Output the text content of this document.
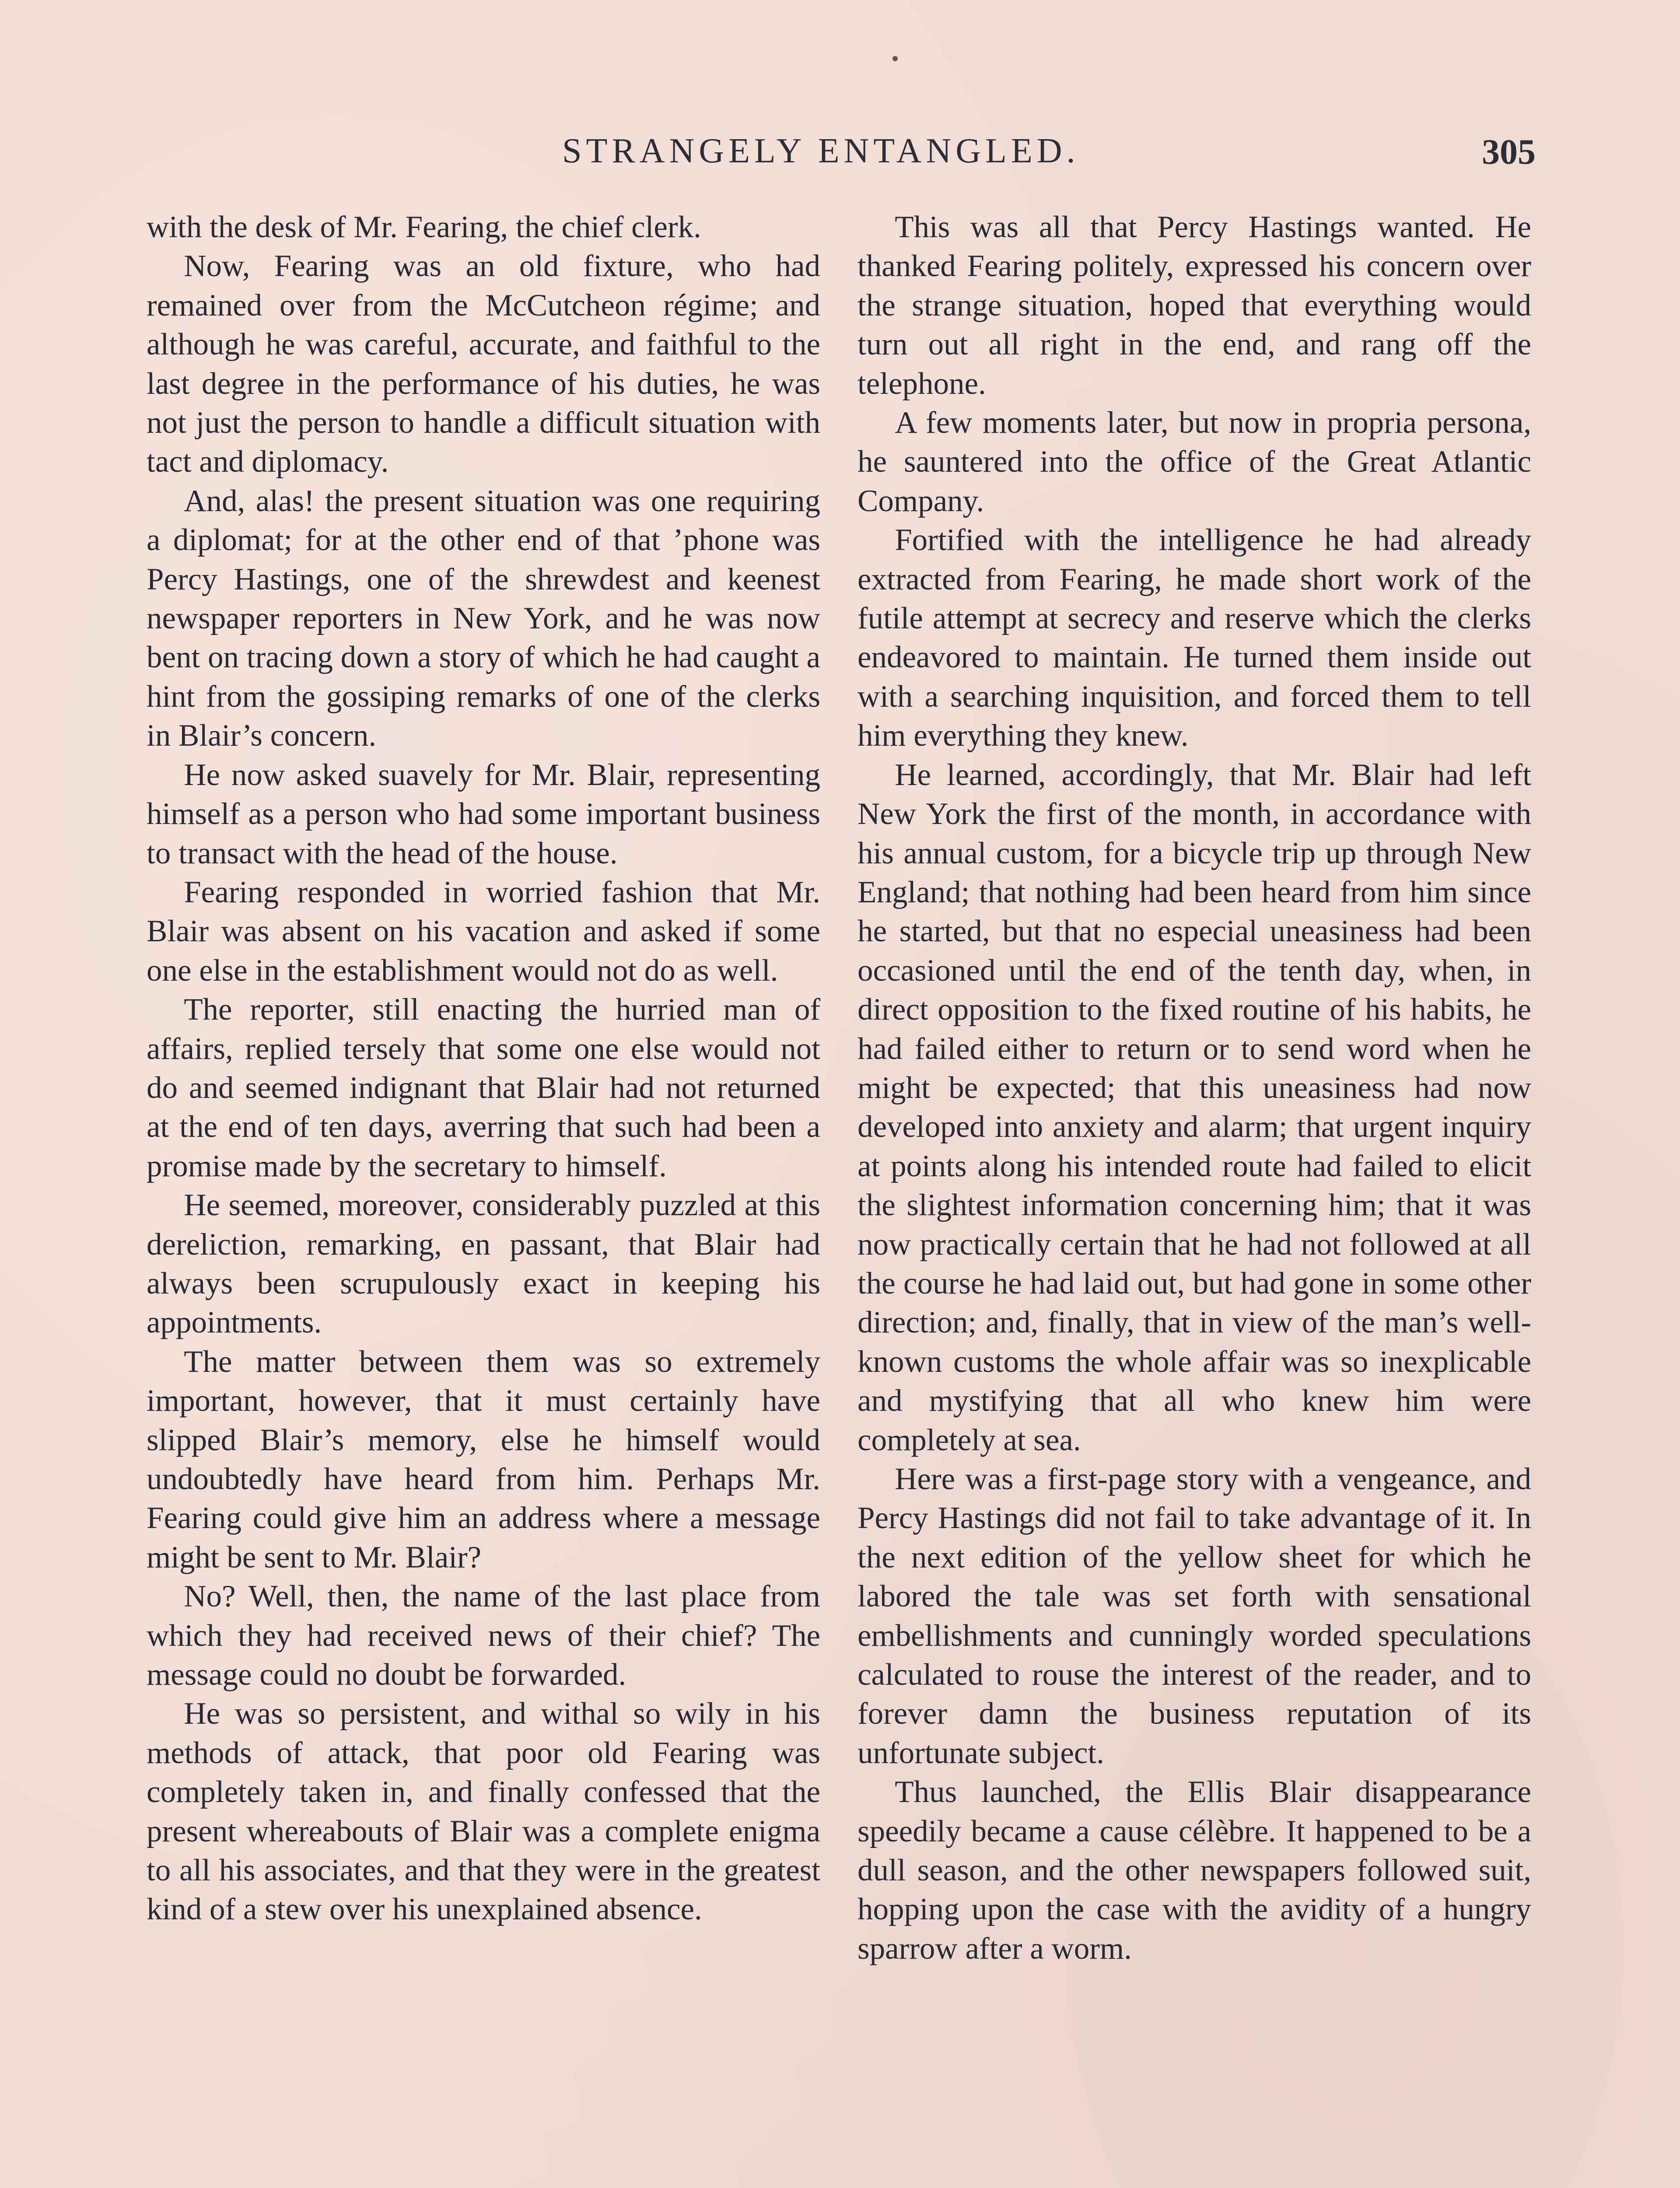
STRANGELY ENTANGLED.	305

with the desk of Mr. Fearing, the chief clerk.

Now, Fearing was an old fixture, who had remained over from the McCutcheon régime; and although he was careful, accurate, and faithful to the last degree in the performance of his duties, he was not just the person to handle a difficult situation with tact and diplomacy.

And, alas! the present situation was one requiring a diplomat; for at the other end of that ’phone was Percy Hastings, one of the shrewdest and keenest newspaper reporters in New York, and he was now bent on tracing down a story of which he had caught a hint from the gossiping remarks of one of the clerks in Blair’s concern.

He now asked suavely for Mr. Blair, representing himself as a person who had some important business to transact with the head of the house.

Fearing responded in worried fashion that Mr. Blair was absent on his vacation and asked if some one else in the establishment would not do as well.

The reporter, still enacting the hurried man of affairs, replied tersely that some one else would not do and seemed indignant that Blair had not returned at the end of ten days, averring that such had been a promise made by the secretary to himself.

He seemed, moreover, considerably puzzled at this dereliction, remarking, en passant, that Blair had always been scrupulously exact in keeping his appointments.

The matter between them was so extremely important, however, that it must certainly have slipped Blair’s memory, else he himself would undoubtedly have heard from him. Perhaps Mr. Fearing could give him an address where a message might be sent to Mr. Blair?

No? Well, then, the name of the last place from which they had received news of their chief? The message could no doubt be forwarded.

He was so persistent, and withal so wily in his methods of attack, that poor old Fearing was completely taken in, and finally confessed that the present whereabouts of Blair was a complete enigma to all his associates, and that they were in the greatest kind of a stew over his unexplained absence.

This was all that Percy Hastings wanted. He thanked Fearing politely, expressed his concern over the strange situation, hoped that everything would turn out all right in the end, and rang off the telephone.

A few moments later, but now in propria persona, he sauntered into the office of the Great Atlantic Company.

Fortified with the intelligence he had already extracted from Fearing, he made short work of the futile attempt at secrecy and reserve which the clerks endeavored to maintain. He turned them inside out with a searching inquisition, and forced them to tell him everything they knew.

He learned, accordingly, that Mr. Blair had left New York the first of the month, in accordance with his annual custom, for a bicycle trip up through New England; that nothing had been heard from him since he started, but that no especial uneasiness had been occasioned until the end of the tenth day, when, in direct opposition to the fixed routine of his habits, he had failed either to return or to send word when he might be expected; that this uneasiness had now developed into anxiety and alarm; that urgent inquiry at points along his intended route had failed to elicit the slightest information concerning him; that it was now practically certain that he had not followed at all the course he had laid out, but had gone in some other direction; and, finally, that in view of the man’s well-known customs the whole affair was so inexplicable and mystifying that all who knew him were completely at sea.

Here was a first-page story with a vengeance, and Percy Hastings did not fail to take advantage of it. In the next edition of the yellow sheet for which he labored the tale was set forth with sensational embellishments and cunningly worded speculations calculated to rouse the interest of the reader, and to forever damn the business reputation of its unfortunate subject.

Thus launched, the Ellis Blair disappearance speedily became a cause célèbre. It happened to be a dull season, and the other newspapers followed suit, hopping upon the case with the avidity of a hungry sparrow after a worm.
